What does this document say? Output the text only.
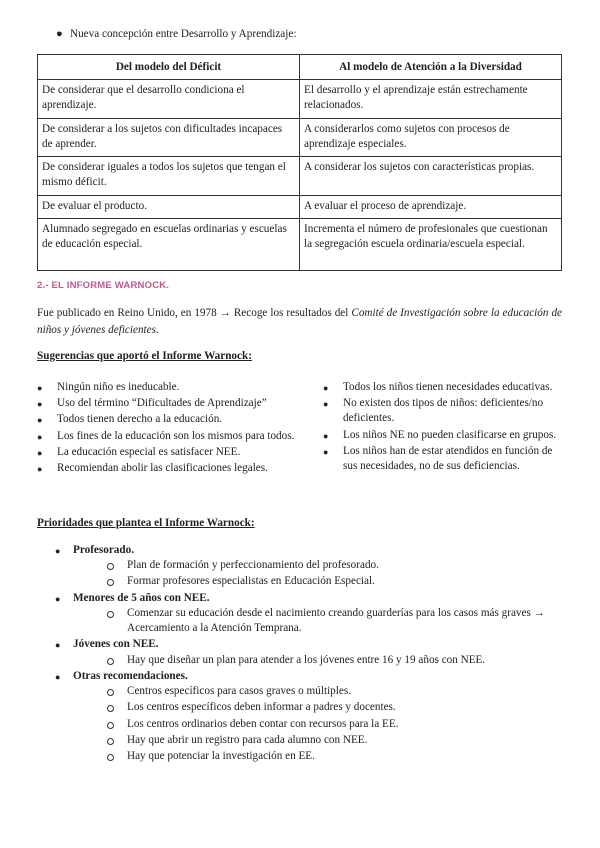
● Nueva concepción entre Desarrollo y Aprendizaje:
Del modelo del Déficit	Al modelo de Atención a la Diversidad
De considerar que el desarrollo condiciona el aprendizaje.	El desarrollo y el aprendizaje están estrechamente relacionados.
De considerar a los sujetos con dificultades incapaces de aprender.	A considerarlos como sujetos con procesos de aprendizaje especiales.
De considerar iguales a todos los sujetos que tengan el mismo déficit.	A considerar los sujetos con características propias.
De evaluar el producto.	A evaluar el proceso de aprendizaje.
Alumnado segregado en escuelas ordinarias y escuelas de educación especial.	Incrementa el número de profesionales que cuestionan la segregación escuela ordinaria/escuela especial.
2.- EL INFORME WARNOCK.

Fue publicado en Reino Unido, en 1978 → Recoge los resultados del Comité de Investigación sobre la educación de niños y jóvenes deficientes.

Sugerencias que aportó el Informe Warnock:
● Ningún niño es ineducable.
● Uso del término “Dificultades de Aprendizaje”
● Todos tienen derecho a la educación.
● Los fines de la educación son los mismos para todos.
● La educación especial es satisfacer NEE.
● Recomiendan abolir las clasificaciones legales.
● Todos los niños tienen necesidades educativas.
● No existen dos tipos de niños: deficientes/no deficientes.
● Los niños NE no pueden clasificarse en grupos.
● Los niños han de estar atendidos en función de sus necesidades, no de sus deficiencias.
Prioridades que plantea el Informe Warnock:
● Profesorado.
Plan de formación y perfeccionamiento del profesorado.
Formar profesores especialistas en Educación Especial.
● Menores de 5 años con NEE.
Comenzar su educación desde el nacimiento creando guarderías para los casos más graves → Acercamiento a la Atención Temprana.
● Jóvenes con NEE.
Hay que diseñar un plan para atender a los jóvenes entre 16 y 19 años con NEE.
● Otras recomendaciones.
Centros específicos para casos graves o múltiples.
Los centros específicos deben informar a padres y docentes.
Los centros ordinarios deben contar con recursos para la EE.
Hay que abrir un registro para cada alumno con NEE.
Hay que potenciar la investigación en EE.
